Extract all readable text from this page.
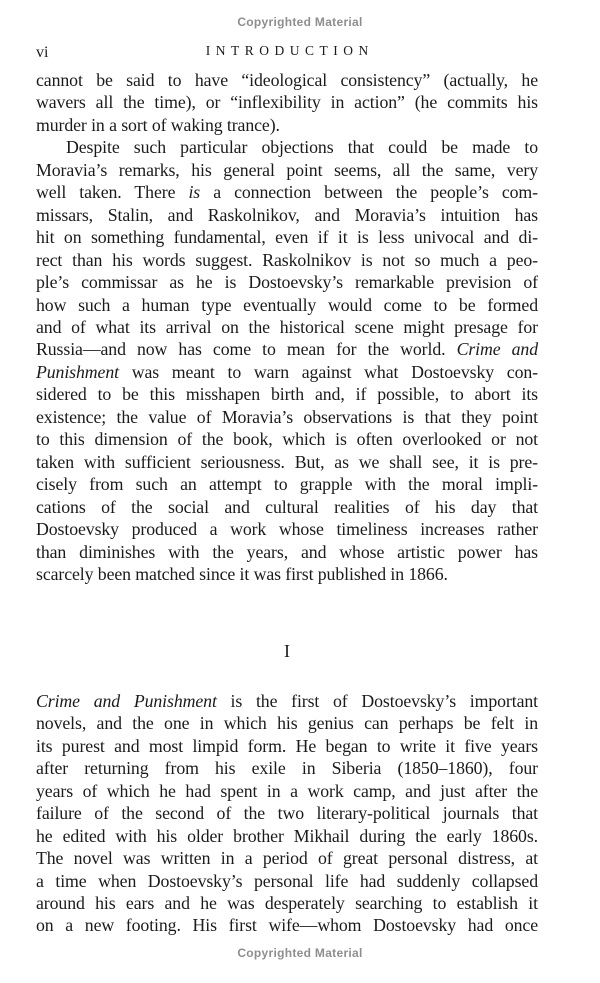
Copyrighted Material
vi	INTRODUCTION
cannot be said to have “ideological consistency” (actually, he
wavers all the time), or “inflexibility in action” (he commits his
murder in a sort of waking trance).
Despite such particular objections that could be made to
Moravia’s remarks, his general point seems, all the same, very
well taken. There is a connection between the people’s com-
missars, Stalin, and Raskolnikov, and Moravia’s intuition has
hit on something fundamental, even if it is less univocal and di-
rect than his words suggest. Raskolnikov is not so much a peo-
ple’s commissar as he is Dostoevsky’s remarkable prevision of
how such a human type eventually would come to be formed
and of what its arrival on the historical scene might presage for
Russia—and now has come to mean for the world. Crime and
Punishment was meant to warn against what Dostoevsky con-
sidered to be this misshapen birth and, if possible, to abort its
existence; the value of Moravia’s observations is that they point
to this dimension of the book, which is often overlooked or not
taken with sufficient seriousness. But, as we shall see, it is pre-
cisely from such an attempt to grapple with the moral impli-
cations of the social and cultural realities of his day that
Dostoevsky produced a work whose timeliness increases rather
than diminishes with the years, and whose artistic power has
scarcely been matched since it was first published in 1866.
I
Crime and Punishment is the first of Dostoevsky’s important
novels, and the one in which his genius can perhaps be felt in
its purest and most limpid form. He began to write it five years
after returning from his exile in Siberia (1850–1860), four
years of which he had spent in a work camp, and just after the
failure of the second of the two literary-political journals that
he edited with his older brother Mikhail during the early 1860s.
The novel was written in a period of great personal distress, at
a time when Dostoevsky’s personal life had suddenly collapsed
around his ears and he was desperately searching to establish it
on a new footing. His first wife—whom Dostoevsky had once
Copyrighted Material
